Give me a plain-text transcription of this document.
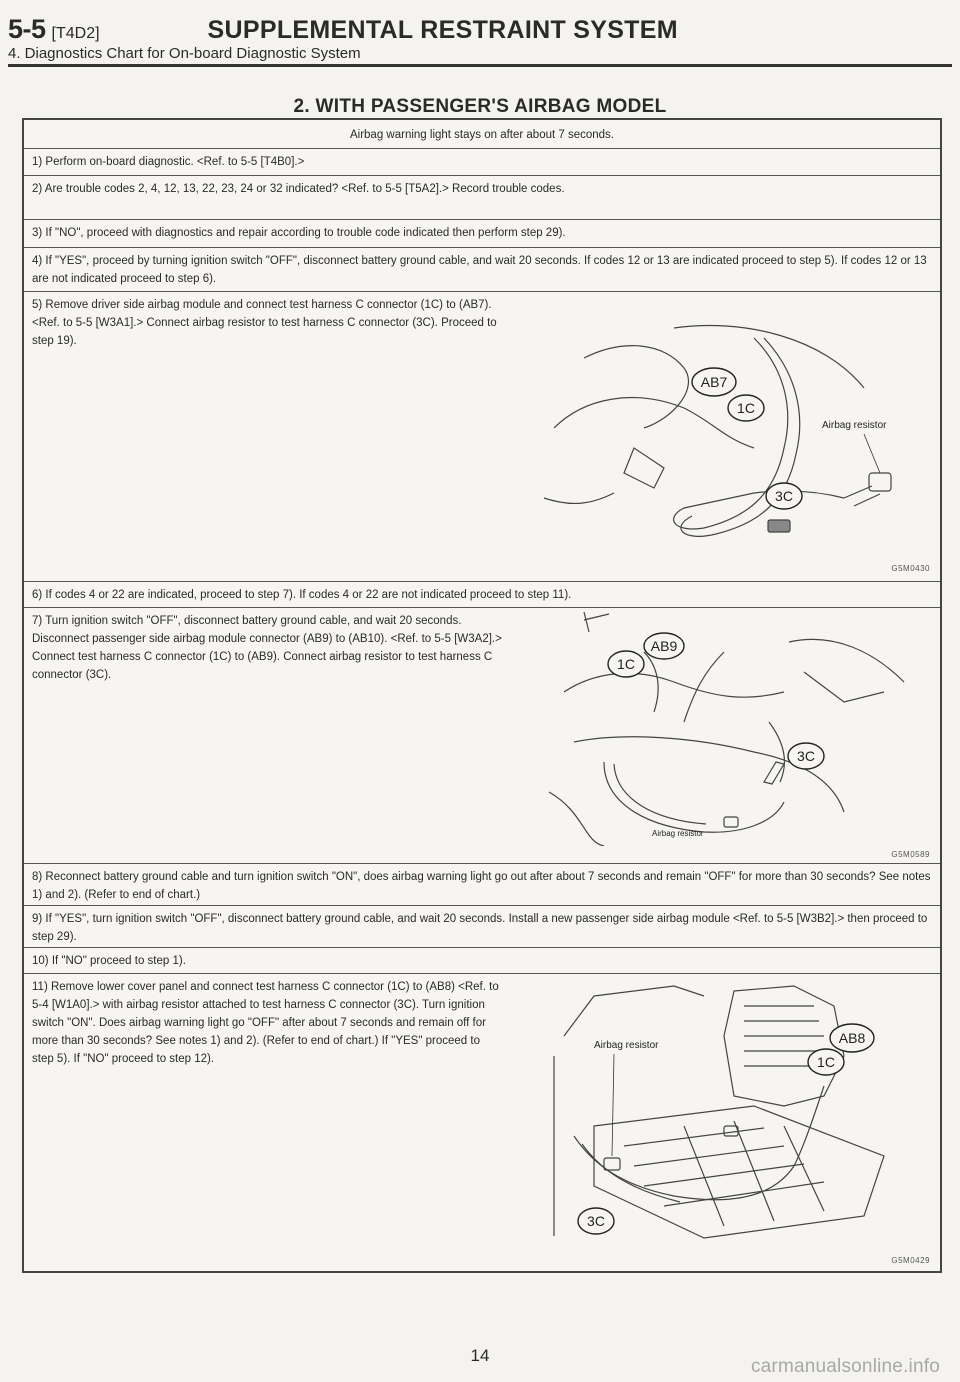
5-5 [T4D2]	SUPPLEMENTAL RESTRAINT SYSTEM
4. Diagnostics Chart for On-board Diagnostic System
2. WITH PASSENGER'S AIRBAG MODEL
Airbag warning light stays on after about 7 seconds.
1) Perform on-board diagnostic. <Ref. to 5-5 [T4B0].>
2) Are trouble codes 2, 4, 12, 13, 22, 23, 24 or 32 indicated? <Ref. to 5-5 [T5A2].> Record trouble codes.
3) If "NO", proceed with diagnostics and repair according to trouble code indicated then perform step 29).
4) If "YES", proceed by turning ignition switch "OFF", disconnect battery ground cable, and wait 20 seconds. If codes 12 or 13 are indicated proceed to step 5). If codes 12 or 13 are not indicated proceed to step 6).
5) Remove driver side airbag module and connect test harness C connector (1C) to (AB7). <Ref. to 5-5 [W3A1].> Connect airbag resistor to test harness C connector (3C). Proceed to step 19).
Airbag resistor
AB7
1C
3C
G5M0430
6) If codes 4 or 22 are indicated, proceed to step 7). If codes 4 or 22 are not indicated proceed to step 11).
7) Turn ignition switch "OFF", disconnect battery ground cable, and wait 20 seconds. Disconnect passenger side airbag module connector (AB9) to (AB10). <Ref. to 5-5 [W3A2].> Connect test harness C connector (1C) to (AB9). Connect airbag resistor to test harness C connector (3C).
Airbag resistor
AB9
1C
3C
G5M0589
8) Reconnect battery ground cable and turn ignition switch "ON", does airbag warning light go out after about 7 seconds and remain "OFF" for more than 30 seconds? See notes 1) and 2). (Refer to end of chart.)
9) If "YES", turn ignition switch "OFF", disconnect battery ground cable, and wait 20 seconds. Install a new passenger side airbag module <Ref. to 5-5 [W3B2].> then proceed to step 29).
10) If "NO" proceed to step 1).
11) Remove lower cover panel and connect test harness C connector (1C) to (AB8) <Ref. to 5-4 [W1A0].> with airbag resistor attached to test harness C connector (3C). Turn ignition switch "ON". Does airbag warning light go "OFF" after about 7 seconds and remain off for more than 30 seconds? See notes 1) and 2). (Refer to end of chart.) If "YES" proceed to step 5). If "NO" proceed to step 12).
Airbag resistor	AB8
1C
3C
G5M0429
14
carmanualsonline.info
